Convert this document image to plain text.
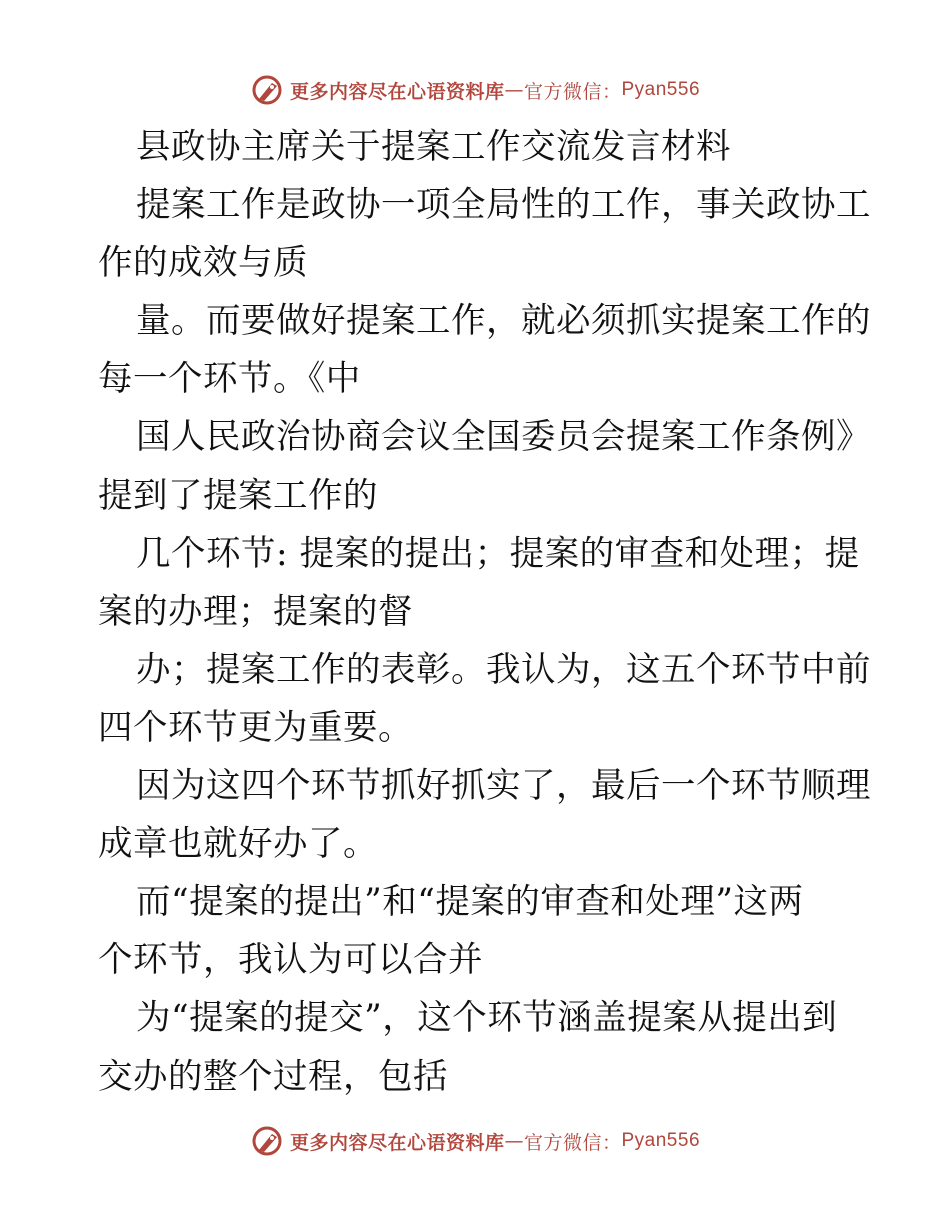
更多内容尽在心语资料库 — 官方微信： Pyan556
县政协主席关于提案工作交流发言材料
提案工作是政协一项全局性的工作，事关政协工
作的成效与质
量。而要做好提案工作，就必须抓实提案工作的
每一个环节。《中
国人民政治协商会议全国委员会提案工作条例》
提到了提案工作的
几个环节: 提案的提出；提案的审查和处理；提
案的办理；提案的督
办；提案工作的表彰。我认为，这五个环节中前
四个环节更为重要。
因为这四个环节抓好抓实了，最后一个环节顺理
成章也就好办了。
而“提案的提出”和“提案的审查和处理”这两
个环节，我认为可以合并
为“提案的提交”，这个环节涵盖提案从提出到
交办的整个过程，包括
更多内容尽在心语资料库 — 官方微信： Pyan556
